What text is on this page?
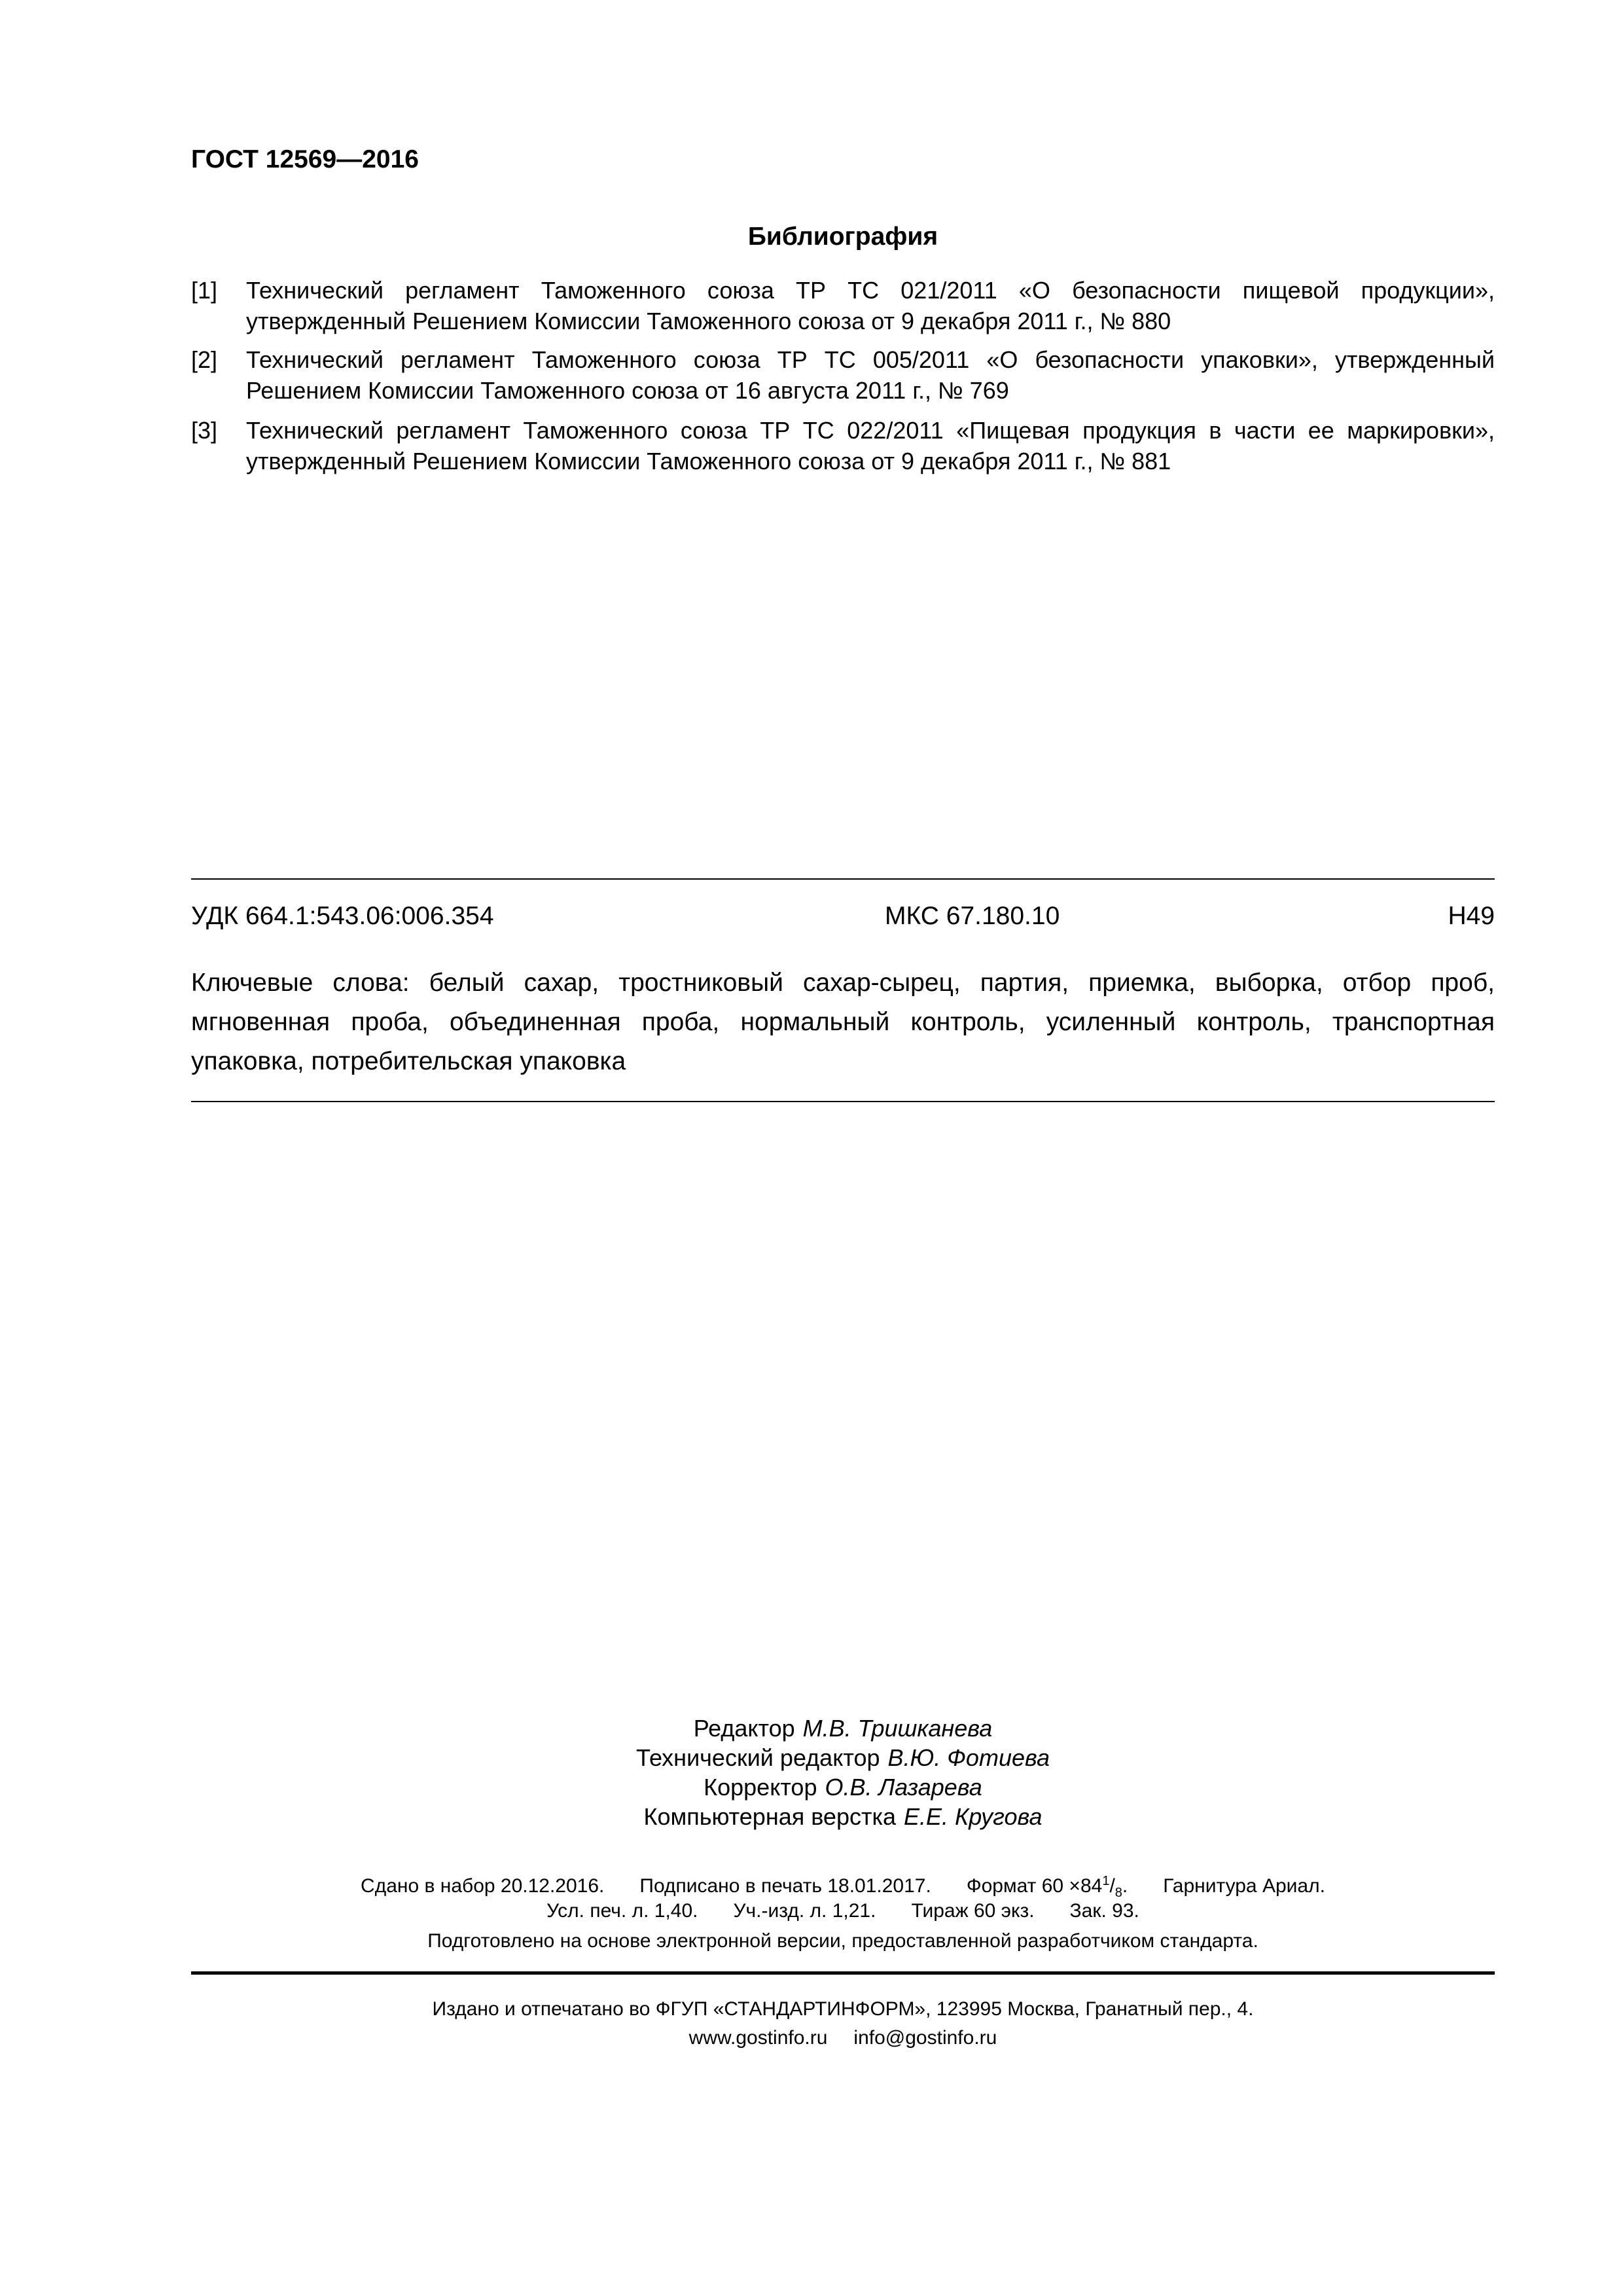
ГОСТ 12569—2016
Библиография
[1] Технический регламент Таможенного союза ТР ТС 021/2011 «О безопасности пищевой продукции», утвержденный Решением Комиссии Таможенного союза от 9 декабря 2011 г., № 880
[2] Технический регламент Таможенного союза ТР ТС 005/2011 «О безопасности упаковки», утвержденный Решением Комиссии Таможенного союза от 16 августа 2011 г., № 769
[3] Технический регламент Таможенного союза ТР ТС 022/2011 «Пищевая продукция в части ее маркировки», утвержденный Решением Комиссии Таможенного союза от 9 декабря 2011 г., № 881
УДК 664.1:543.06:006.354	МКС 67.180.10	Н49
Ключевые слова: белый сахар, тростниковый сахар-сырец, партия, приемка, выборка, отбор проб, мгновенная проба, объединенная проба, нормальный контроль, усиленный контроль, транспортная упаковка, потребительская упаковка
Редактор М.В. Тришканева
Технический редактор В.Ю. Фотиева
Корректор О.В. Лазарева
Компьютерная верстка Е.Е. Кругова
Сдано в набор 20.12.2016. Подписано в печать 18.01.2017. Формат $60 \times 84^1/_8$. Гарнитура Ариал.
Усл. печ. л. 1,40. Уч.-изд. л. 1,21. Тираж 60 экз. Зак. 93.
Подготовлено на основе электронной версии, предоставленной разработчиком стандарта.
Издано и отпечатано во ФГУП «СТАНДАРТИНФОРМ», 123995 Москва, Гранатный пер., 4.
www.gostinfo.ru info@gostinfo.ru
